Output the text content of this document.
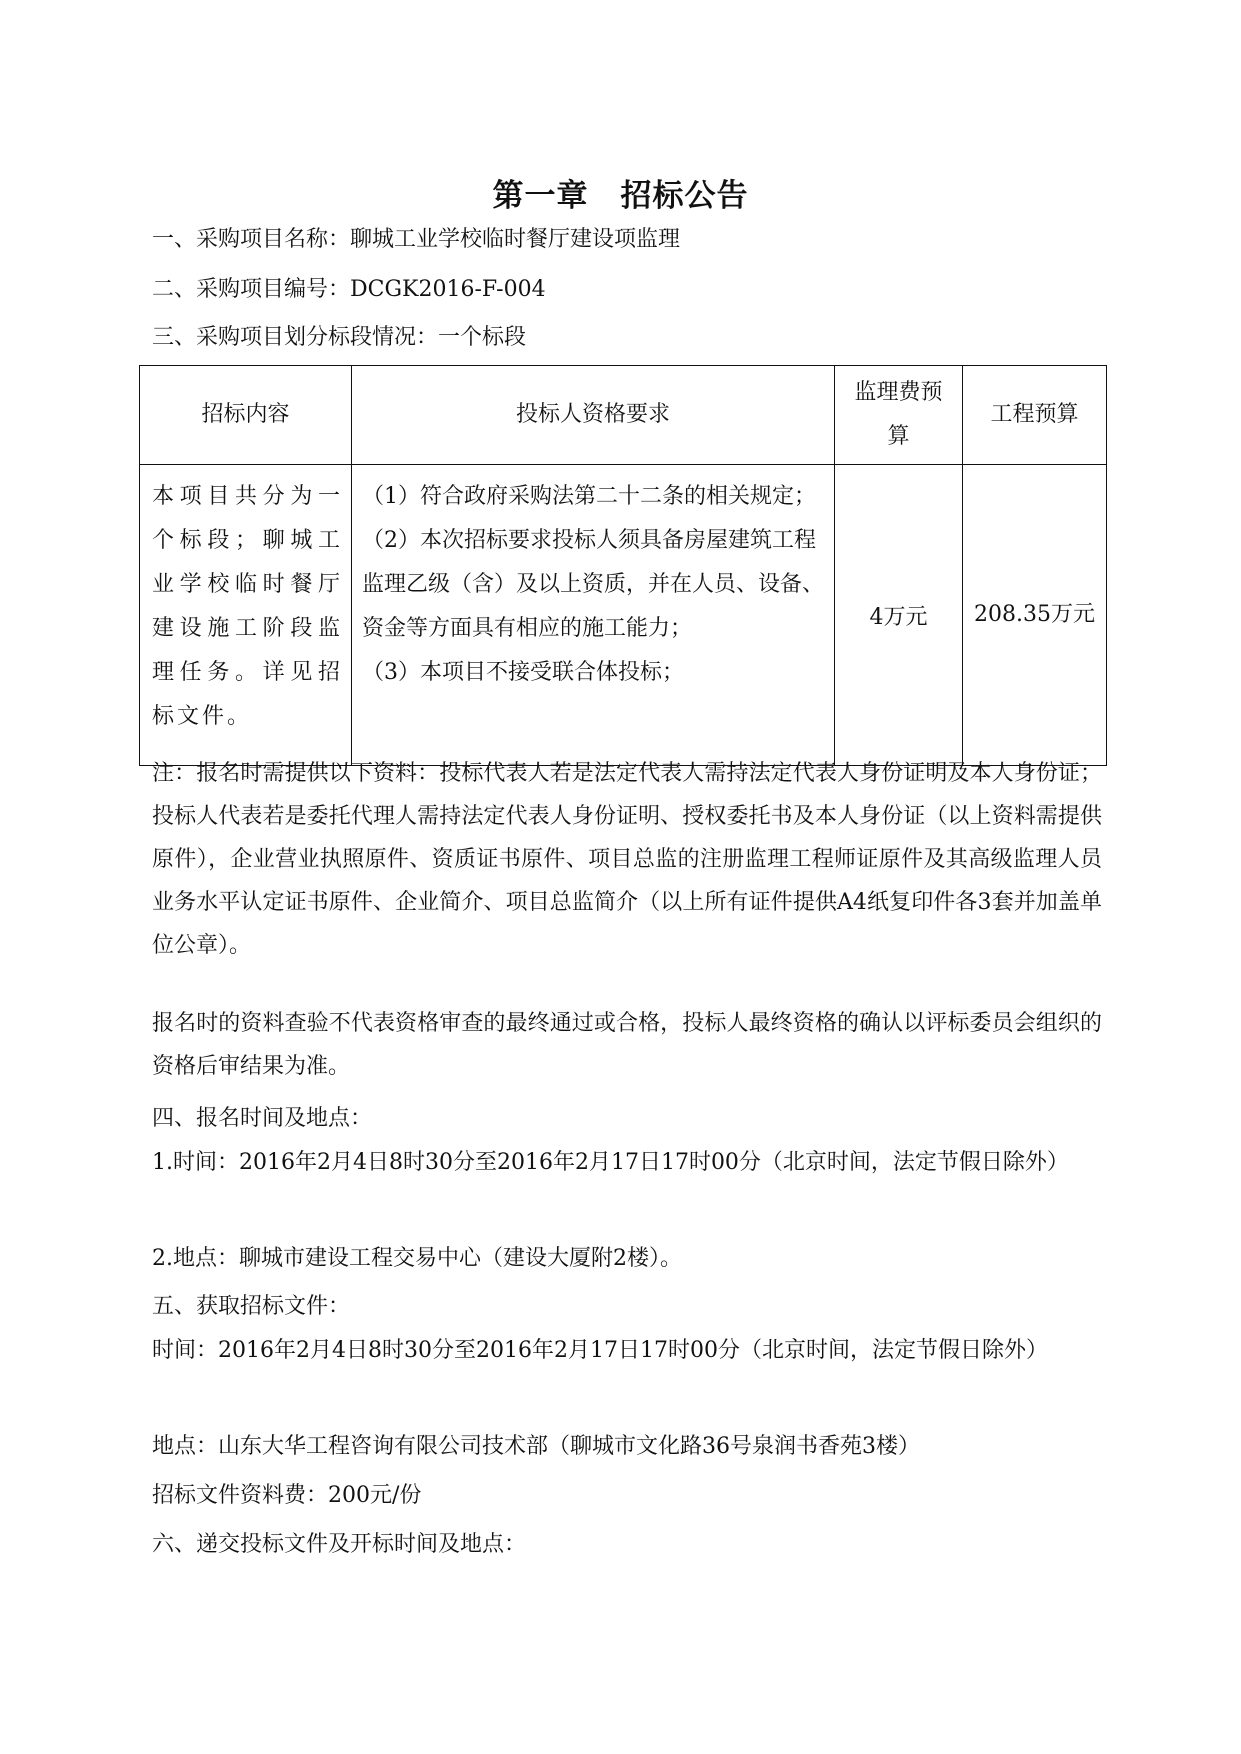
第一章　招标公告
一、采购项目名称：聊城工业学校临时餐厅建设项监理
二、采购项目编号：DCGK2016-F-004
三、采购项目划分标段情况：一个标段
招标内容	投标人资格要求	监理费预算	工程预算
本项目共分为一个标段；聊城工业学校临时餐厅建设施工阶段监理任务。详见招标文件。	（1）符合政府采购法第二十二条的相关规定；
（2）本次招标要求投标人须具备房屋建筑工程监理乙级（含）及以上资质，并在人员、设备、资金等方面具有相应的施工能力；
（3）本项目不接受联合体投标；	4万元	208.35万元
注：报名时需提供以下资料：投标代表人若是法定代表人需持法定代表人身份证明及本人身份证；投标人代表若是委托代理人需持法定代表人身份证明、授权委托书及本人身份证（以上资料需提供原件），企业营业执照原件、资质证书原件、项目总监的注册监理工程师证原件及其高级监理人员业务水平认定证书原件、企业简介、项目总监简介（以上所有证件提供A4纸复印件各3套并加盖单位公章）。
报名时的资料查验不代表资格审查的最终通过或合格，投标人最终资格的确认以评标委员会组织的资格后审结果为准。
四、报名时间及地点：
1.时间：2016年2月4日8时30分至2016年2月17日17时00分（北京时间，法定节假日除外）
2.地点：聊城市建设工程交易中心（建设大厦附2楼）。
五、获取招标文件：
时间：2016年2月4日8时30分至2016年2月17日17时00分（北京时间，法定节假日除外）
地点：山东大华工程咨询有限公司技术部（聊城市文化路36号泉润书香苑3楼）
招标文件资料费：200元/份
六、递交投标文件及开标时间及地点：
